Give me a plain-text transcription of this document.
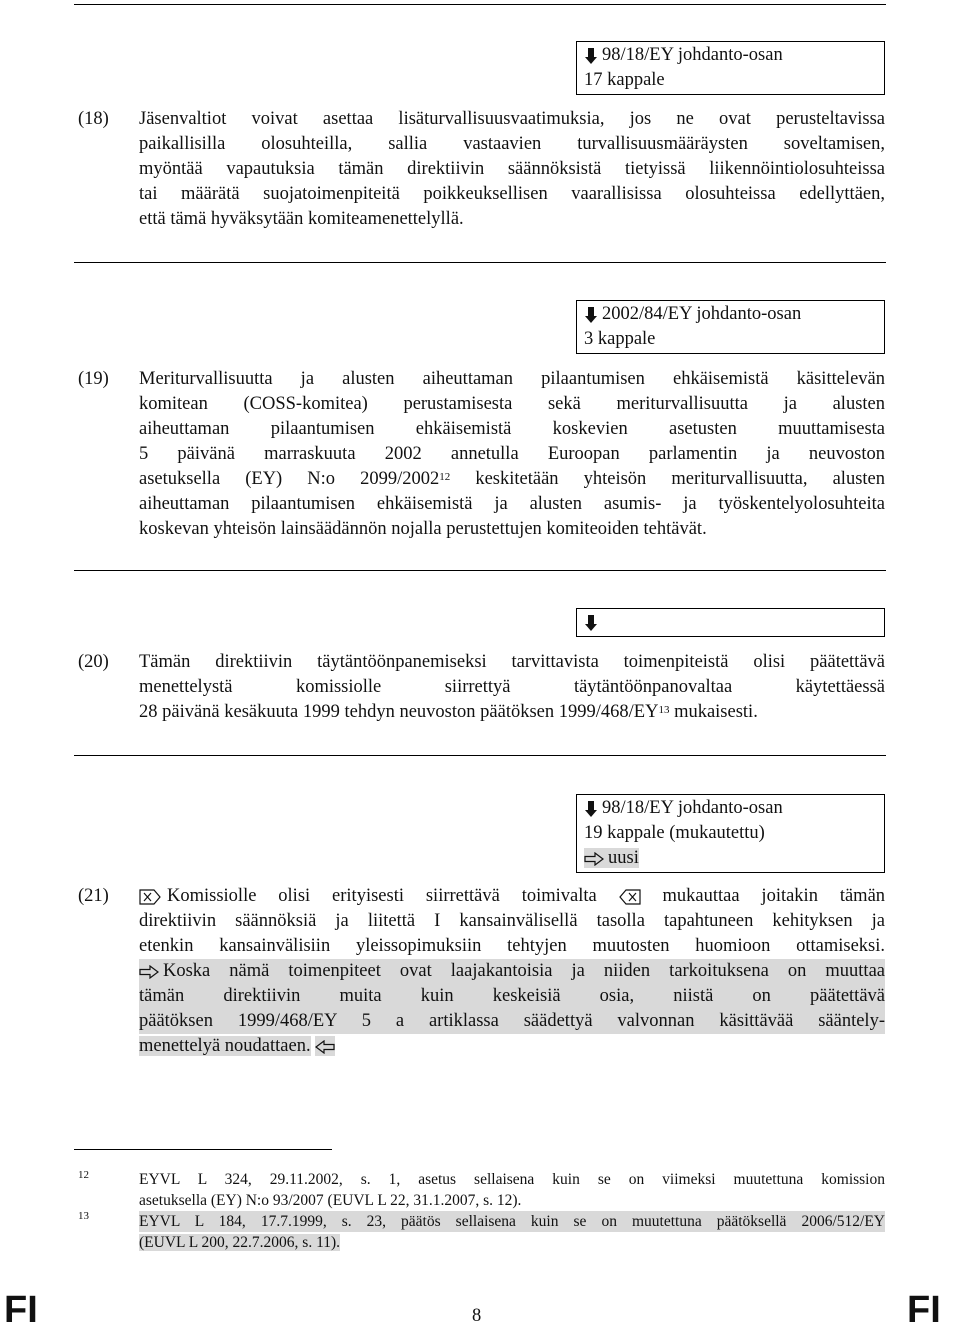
98/18/EY johdanto-osan
17 kappale
(18) Jäsenvaltiot voivat asettaa lisäturvallisuusvaatimuksia, jos ne ovat perusteltavissa
paikallisilla olosuhteilla, sallia vastaavien turvallisuusmääräysten soveltamisen,
myöntää vapautuksia tämän direktiivin säännöksistä tietyissä liikennöintiolosuhteissa
tai määrätä suojatoimenpiteitä poikkeuksellisen vaarallisissa olosuhteissa edellyttäen,
että tämä hyväksytään komiteamenettelyllä.
2002/84/EY johdanto-osan
3 kappale
(19) Meriturvallisuutta ja alusten aiheuttaman pilaantumisen ehkäisemistä käsittelevän
komitean (COSS-komitea) perustamisesta sekä meriturvallisuutta ja alusten
aiheuttaman pilaantumisen ehkäisemistä koskevien asetusten muuttamisesta
5 päivänä marraskuuta 2002 annetulla Euroopan parlamentin ja neuvoston
asetuksella (EY) N:o 2099/2002$^{12}$ keskitetään yhteisön meriturvallisuutta, alusten
aiheuttaman pilaantumisen ehkäisemistä ja alusten asumis- ja työskentelyolosuhteita
koskevan yhteisön lainsäädännön nojalla perustettujen komiteoiden tehtävät.
(20) Tämän direktiivin täytäntöönpanemiseksi tarvittavista toimenpiteistä olisi päätettävä
menettelystä komissiolle siirrettyä täytäntöönpanovaltaa käytettäessä
28 päivänä kesäkuuta 1999 tehdyn neuvoston päätöksen 1999/468/EY$^{13}$ mukaisesti.
98/18/EY johdanto-osan
19 kappale (mukautettu)
uusi
(21)	Komissiolle olisi erityisesti siirrettävä toimivalta	mukauttaa joitakin tämän
direktiivin säännöksiä ja liitettä I kansainvälisellä tasolla tapahtuneen kehityksen ja
etenkin kansainvälisiin yleissopimuksiin tehtyjen muutosten huomioon ottamiseksi.
Koska nämä toimenpiteet ovat laajakantoisia ja niiden tarkoituksena on muuttaa
tämän direktiivin muita kuin keskeisiä osia, niistä on päätettävä
päätöksen 1999/468/EY 5 a artiklassa säädettyä valvonnan käsittävää sääntely-
menettelyä noudattaen.
12	EYVL L 324, 29.11.2002, s. 1, asetus sellaisena kuin se on viimeksi muutettuna komission
asetuksella (EY) N:o 93/2007 (EUVL L 22, 31.1.2007, s. 12).
13	EYVL L 184, 17.7.1999, s. 23, päätös sellaisena kuin se on muutettuna päätöksellä 2006/512/EY
(EUVL L 200, 22.7.2006, s. 11).
FI	8	FI
